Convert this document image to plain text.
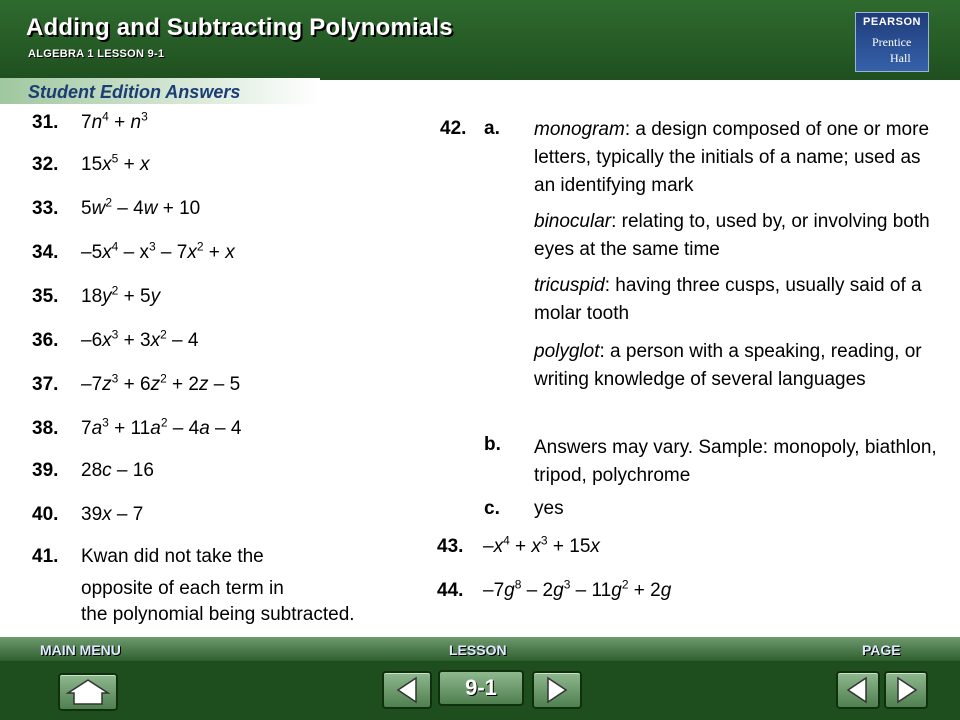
Adding and Subtracting Polynomials
ALGEBRA 1 LESSON 9-1
PEARSON
Prentice
Hall
Student Edition Answers
31. $7n^4 + n^3$
32. $15x^5 + x$
33. $5w^2 - 4w + 10$
34. $-5x^4 - x^3 - 7x^2 + x$
35. $18y^2 + 5y$
36. $-6x^3 + 3x^2 - 4$
37. $-7z^3 + 6z^2 + 2z - 5$
38. $7a^3 + 11a^2 - 4a - 4$
39. 28c – 16
40. 39x – 7
41. Kwan did not take the
opposite of each term in
the polynomial being subtracted.
42. a. monogram: a design composed of one or more letters, typically the initials of a name; used as an identifying mark
binocular: relating to, used by, or involving both eyes at the same time
tricuspid: having three cusps, usually said of a molar tooth
polyglot: a person with a speaking, reading, or writing knowledge of several languages
b. Answers may vary. Sample: monopoly, biathlon, tripod, polychrome
c. yes
43. $-x^4 + x^3 + 15x$
44. $-7g^8 - 2g^3 - 11g^2 + 2g$
MAIN MENU	LESSON	PAGE
9-1
